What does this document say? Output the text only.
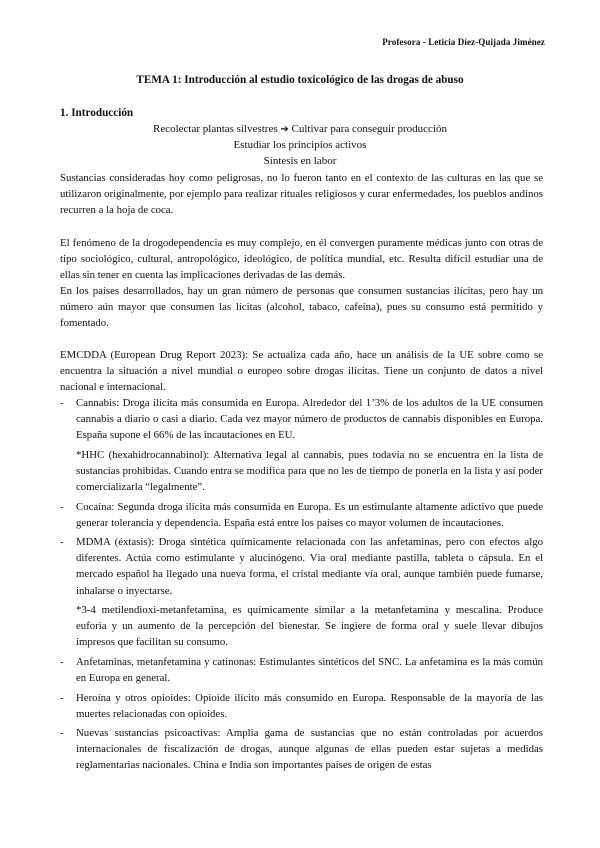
Profesora - Leticia Díez-Quijada Jiménez
TEMA 1: Introducción al estudio toxicológico de las drogas de abuso
1. Introducción
Recolectar plantas silvestres ➔ Cultivar para conseguir producción
Estudiar los principios activos
Síntesis en labor
Sustancias consideradas hoy como peligrosas, no lo fueron tanto en el contexto de las culturas en las que se utilizaron originalmente, por ejemplo para realizar rituales religiosos y curar enfermedades, los pueblos andinos recurren a la hoja de coca.
El fenómeno de la drogodependencia es muy complejo, en él convergen puramente médicas junto con otras de tipo sociológico, cultural, antropológico, ideológico, de política mundial, etc. Resulta difícil estudiar una de ellas sin tener en cuenta las implicaciones derivadas de las demás.
En los países desarrollados, hay un gran número de personas que consumen sustancias ilícitas, pero hay un número aún mayor que consumen las lícitas (alcohol, tabaco, cafeína), pues su consumo está permitido y fomentado.
EMCDDA (European Drug Report 2023): Se actualiza cada año, hace un análisis de la UE sobre como se encuentra la situación a nivel mundial o europeo sobre drogas ilícitas. Tiene un conjunto de datos a nivel nacional e internacional.
- Cannabis: Droga ilícita más consumida en Europa. Alrededor del 1’3% de los adultos de la UE consumen cannabis a diario o casi a diario. Cada vez mayor número de productos de cannabis disponibles en Europa. España supone el 66% de las incautaciones en EU.
*HHC (hexahidrocannabinol): Alternativa legal al cannabis, pues todavía no se encuentra en la lista de sustancias prohibidas. Cuando entra se modifica para que no les de tiempo de ponerla en la lista y así poder comercializarla “legalmente”.
- Cocaína: Segunda droga ilícita más consumida en Europa. Es un estimulante altamente adictivo que puede generar tolerancia y dependencia. España está entre los países co mayor volumen de incautaciones.
- MDMA (éxtasis): Droga sintética químicamente relacionada con las anfetaminas, pero con efectos algo diferentes. Actúa como estimulante y alucinógeno. Vía oral mediante pastilla, tableta o cápsula. En el mercado español ha llegado una nueva forma, el cristal mediante vía oral, aunque también puede fumarse, inhalarse o inyectarse.
*3-4 metilendioxi-metanfetamina, es químicamente similar a la metanfetamina y mescalina. Produce euforia y un aumento de la percepción del bienestar. Se ingiere de forma oral y suele llevar dibujos impresos que facilitan su consumo.
- Anfetaminas, metanfetamina y catinonas: Estimulantes sintéticos del SNC. La anfetamina es la más común en Europa en general.
- Heroína y otros opioides: Opioide ilícito más consumido en Europa. Responsable de la mayoría de las muertes relacionadas con opioides.
- Nuevas sustancias psicoactivas: Amplia gama de sustancias que no están controladas por acuerdos internacionales de fiscalización de drogas, aunque algunas de ellas pueden estar sujetas a medidas reglamentarias nacionales. China e India son importantes países de origen de estas
